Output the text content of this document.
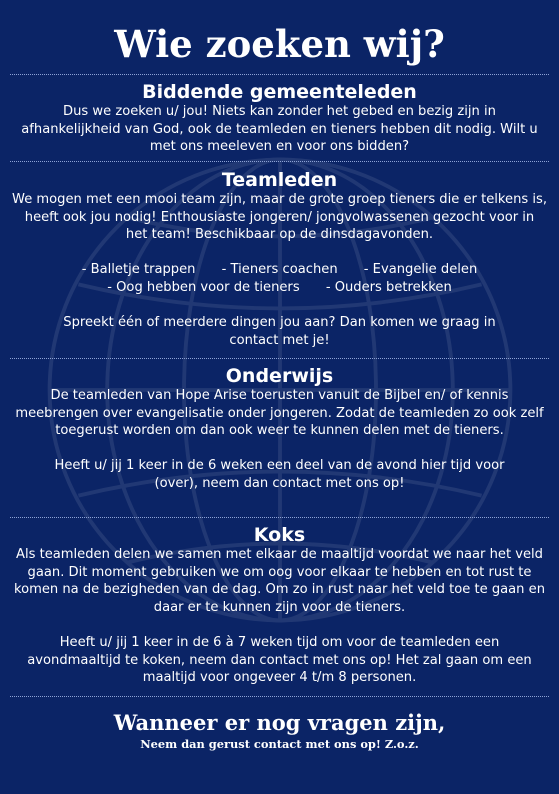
Wie zoeken wij?
Biddende gemeenteleden

Dus we zoeken u/ jou! Niets kan zonder het gebed en bezig zijn in afhankelijkheid van God, ook de teamleden en tieners hebben dit nodig. Wilt u met ons meeleven en voor ons bidden?

Teamleden

We mogen met een mooi team zijn, maar de grote groep tieners die er telkens is, heeft ook jou nodig! Enthousiaste jongeren/ jongvolwassenen gezocht voor in het team! Beschikbaar op de dinsdagavonden.

- Balletje trappen - Tieners coachen - Evangelie delen
- Oog hebben voor de tieners - Ouders betrekken

Spreekt één of meerdere dingen jou aan? Dan komen we graag in contact met je!

Onderwijs

De teamleden van Hope Arise toerusten vanuit de Bijbel en/ of kennis meebrengen over evangelisatie onder jongeren. Zodat de teamleden zo ook zelf toegerust worden om dan ook weer te kunnen delen met de tieners.

Heeft u/ jij 1 keer in de 6 weken een deel van de avond hier tijd voor (over), neem dan contact met ons op!

Koks

Als teamleden delen we samen met elkaar de maaltijd voordat we naar het veld gaan. Dit moment gebruiken we om oog voor elkaar te hebben en tot rust te komen na de bezigheden van de dag. Om zo in rust naar het veld toe te gaan en daar er te kunnen zijn voor de tieners.

Heeft u/ jij 1 keer in de 6 à 7 weken tijd om voor de teamleden een avondmaaltijd te koken, neem dan contact met ons op! Het zal gaan om een maaltijd voor ongeveer 4 t/m 8 personen.

Wanneer er nog vragen zijn,
Neem dan gerust contact met ons op! Z.o.z.
